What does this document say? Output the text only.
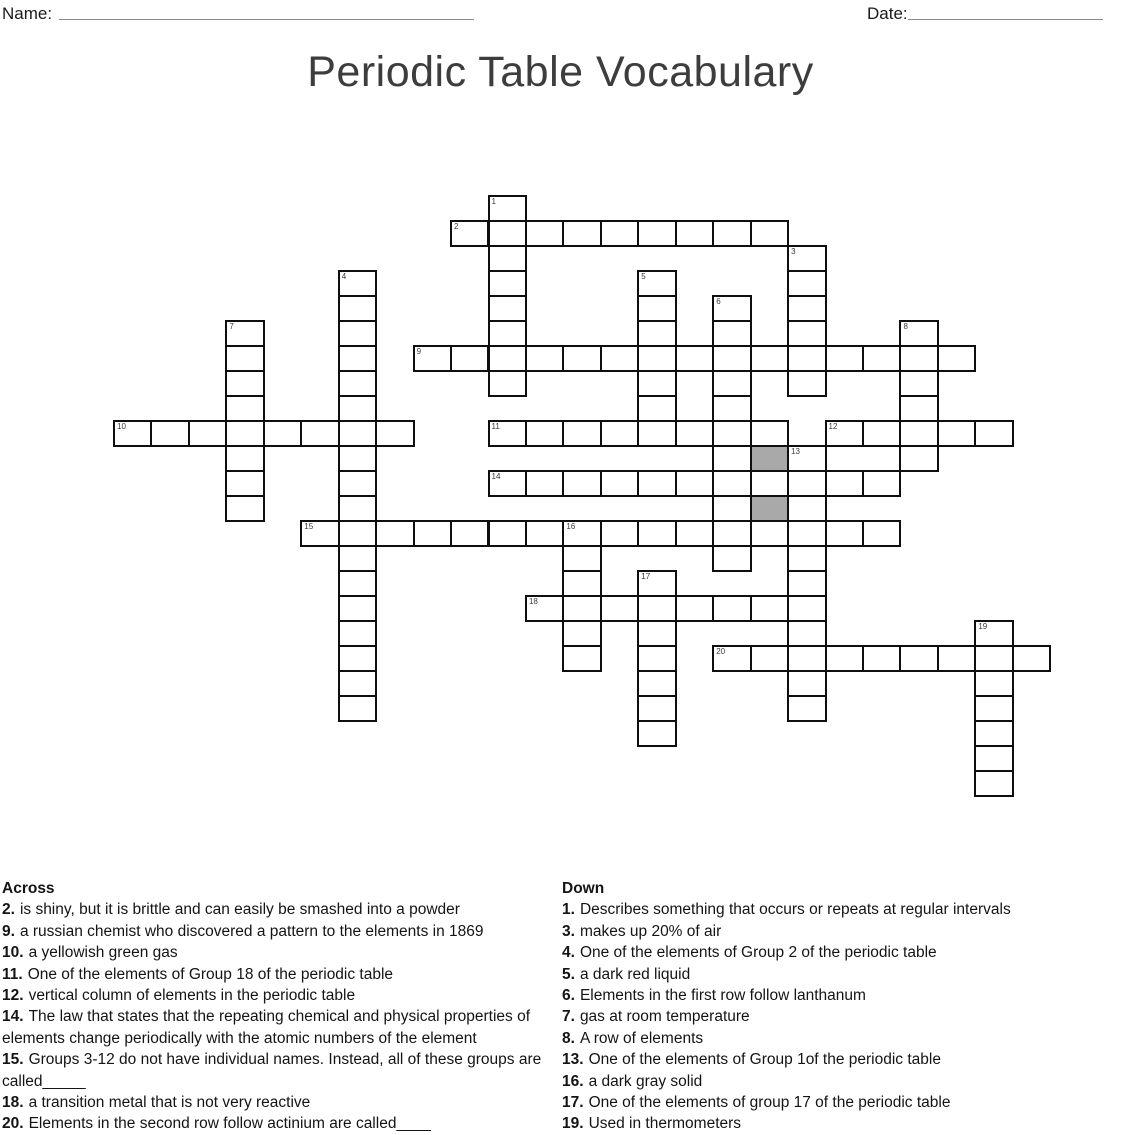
Name:	Date:
Periodic Table Vocabulary
1
2
3
4	5
6
7	8
9
10	11	12
13
14
15	16
17
18
19
20
Across
2. is shiny, but it is brittle and can easily be smashed into a powder
9. a russian chemist who discovered a pattern to the elements in 1869
10. a yellowish green gas
11. One of the elements of Group 18 of the periodic table
12. vertical column of elements in the periodic table
14. The law that states that the repeating chemical and physical properties of elements change periodically with the atomic numbers of the element
15. Groups 3-12 do not have individual names. Instead, all of these groups are called_____
18. a transition metal that is not very reactive
20. Elements in the second row follow actinium are called____
Down
1. Describes something that occurs or repeats at regular intervals
3. makes up 20% of air
4. One of the elements of Group 2 of the periodic table
5. a dark red liquid
6. Elements in the first row follow lanthanum
7. gas at room temperature
8. A row of elements
13. One of the elements of Group 1of the periodic table
16. a dark gray solid
17. One of the elements of group 17 of the periodic table
19. Used in thermometers
